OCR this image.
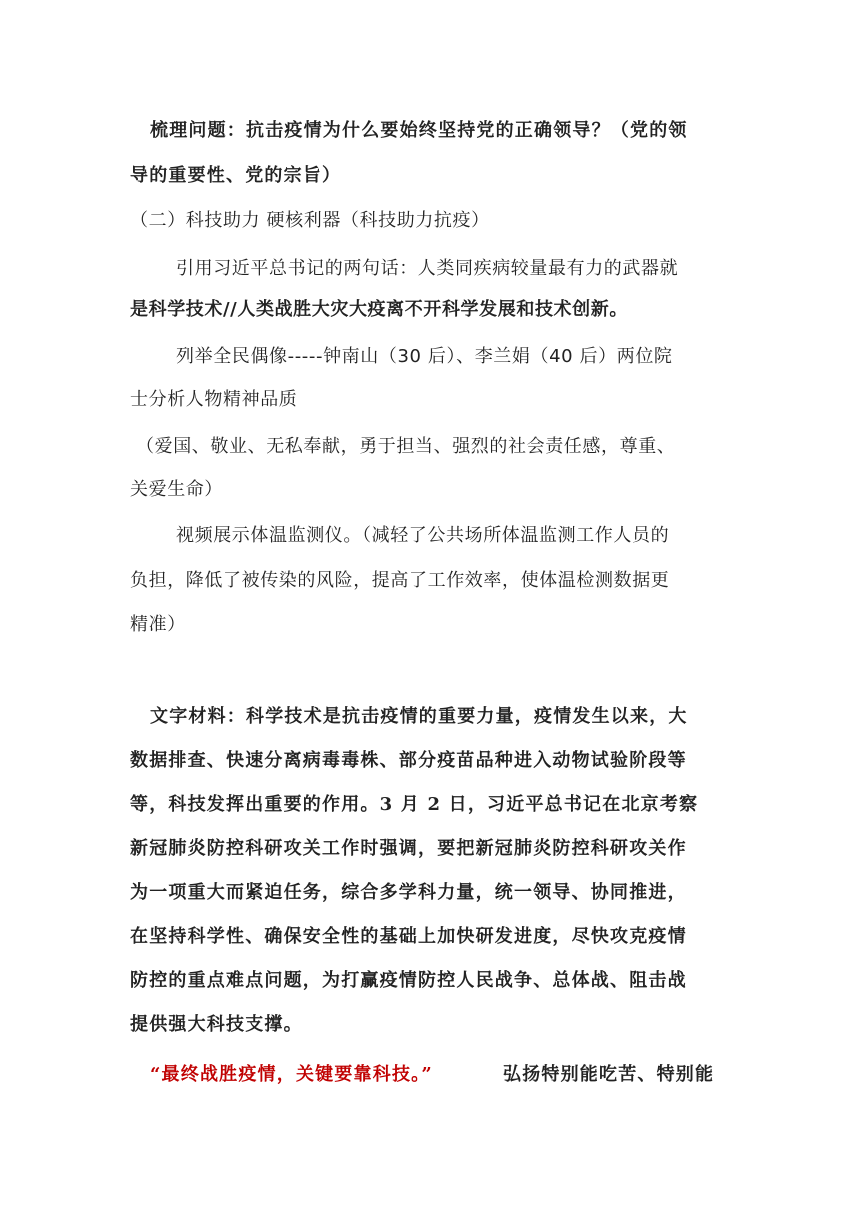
梳理问题：抗击疫情为什么要始终坚持党的正确领导？（党的领
导的重要性、党的宗旨）
（二）科技助力 硬核利器（科技助力抗疫）
引用习近平总书记的两句话：人类同疾病较量最有力的武器就
是科学技术//人类战胜大灾大疫离不开科学发展和技术创新。
列举全民偶像-----钟南山（30 后）、李兰娟（40 后）两位院
士分析人物精神品质
（爱国、敬业、无私奉献，勇于担当、强烈的社会责任感，尊重、
关爱生命）
视频展示体温监测仪。（减轻了公共场所体温监测工作人员的
负担，降低了被传染的风险，提高了工作效率，使体温检测数据更
精准）
文字材料：科学技术是抗击疫情的重要力量，疫情发生以来，大
数据排查、快速分离病毒毒株、部分疫苗品种进入动物试验阶段等
等，科技发挥出重要的作用。3 月 2 日，习近平总书记在北京考察
新冠肺炎防控科研攻关工作时强调，要把新冠肺炎防控科研攻关作
为一项重大而紧迫任务，综合多学科力量，统一领导、协同推进，
在坚持科学性、确保安全性的基础上加快研发进度，尽快攻克疫情
防控的重点难点问题，为打赢疫情防控人民战争、总体战、阻击战
提供强大科技支撑。
“最终战胜疫情，关键要靠科技。”	弘扬特别能吃苦、特别能
